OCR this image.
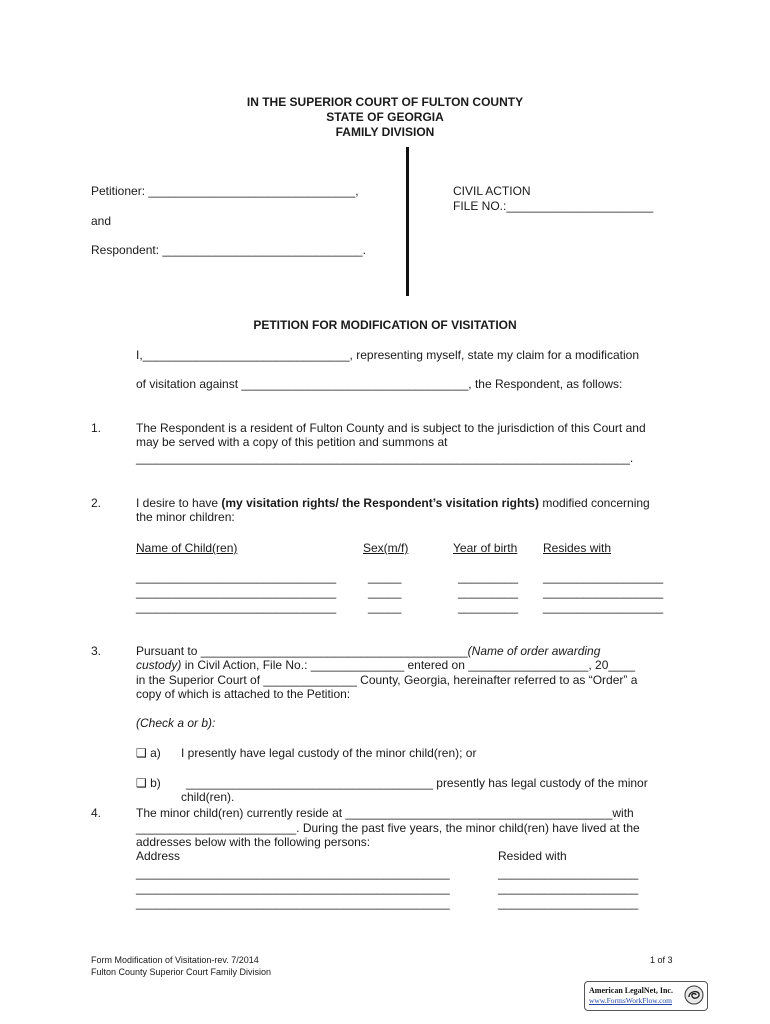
IN THE SUPERIOR COURT OF FULTON COUNTY
STATE OF GEORGIA
FAMILY DIVISION
Petitioner: _______________________________,
and
Respondent: ______________________________.
CIVIL ACTION
FILE NO.:______________________
PETITION FOR MODIFICATION OF VISITATION
I,_______________________________, representing myself, state my claim for a modification
of visitation against __________________________________, the Respondent, as follows:
1.	The Respondent is a resident of Fulton County and is subject to the jurisdiction of this Court and
may be served with a copy of this petition and summons at
__________________________________________________________________________.
2.	I desire to have (my visitation rights/ the Respondent’s visitation rights) modified concerning
the minor children:
Name of Child(ren)	Sex(m/f)	Year of birth Resides with
______________________________	_____	_________ __________________
______________________________	_____	_________ __________________
______________________________	_____	_________ __________________
3.	Pursuant to ________________________________________(Name of order awarding
custody) in Civil Action, File No.: ______________ entered on __________________, 20____
in the Superior Court of ______________ County, Georgia, hereinafter referred to as “Order” a
copy of which is attached to the Petition:
(Check a or b):
❑ a) I presently have legal custody of the minor child(ren); or
❑ b) _____________________________________ presently has legal custody of the minor
child(ren).
4.	The minor child(ren) currently reside at ________________________________________with
________________________. During the past five years, the minor child(ren) have lived at the
addresses below with the following persons:
Address	Resided with
_______________________________________________	_____________________
_______________________________________________	_____________________
_______________________________________________	_____________________
Form Modification of Visitation-rev. 7/2014
Fulton County Superior Court Family Division
1 of 3
American LegalNet, Inc.
www.FormsWorkFlow.com
